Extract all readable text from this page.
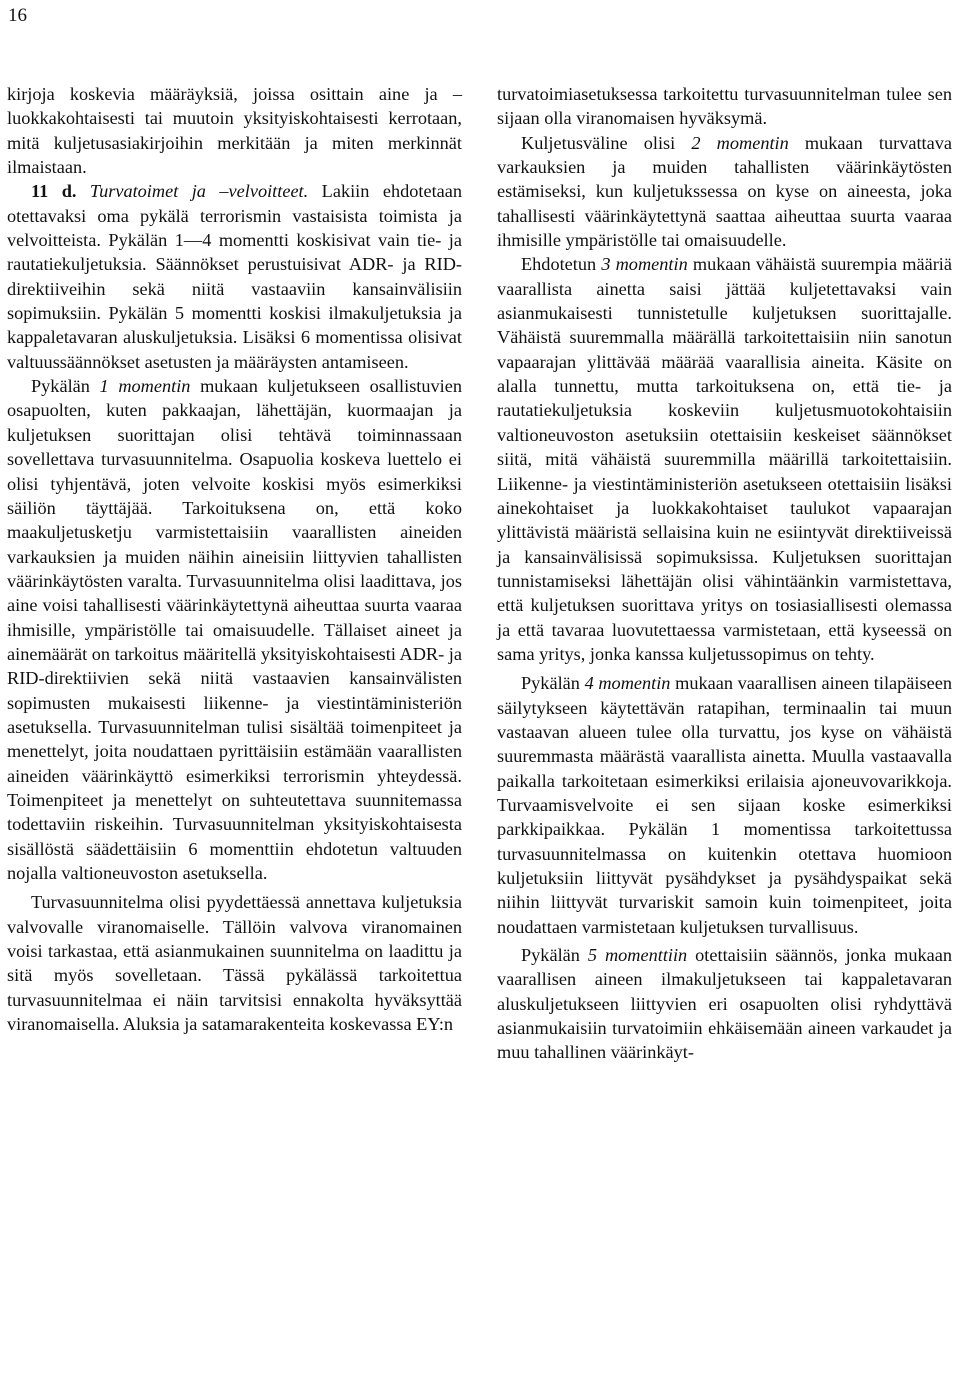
16

kirjoja koskevia määräyksiä, joissa osittain aine ja –luokkakohtaisesti tai muutoin yksityiskohtaisesti kerrotaan, mitä kuljetusasiakirjoihin merkitään ja miten merkinnät ilmaistaan.

11 d. Turvatoimet ja –velvoitteet. Lakiin ehdotetaan otettavaksi oma pykälä terrorismin vastaisista toimista ja velvoitteista. Pykälän 1—4 momentti koskisivat vain tie- ja rautatiekuljetuksia. Säännökset perustuisivat ADR- ja RID-direktiiveihin sekä niitä vastaaviin kansainvälisiin sopimuksiin. Pykälän 5 momentti koskisi ilmakuljetuksia ja kappaletavaran aluskuljetuksia. Lisäksi 6 momentissa olisivat valtuussäännökset asetusten ja määräysten antamiseen.

Pykälän 1 momentin mukaan kuljetukseen osallistuvien osapuolten, kuten pakkaajan, lähettäjän, kuormaajan ja kuljetuksen suorittajan olisi tehtävä toiminnassaan sovellettava turvasuunnitelma. Osapuolia koskeva luettelo ei olisi tyhjentävä, joten velvoite koskisi myös esimerkiksi säiliön täyttäjää. Tarkoituksena on, että koko maakuljetusketju varmistettaisiin vaarallisten aineiden varkauksien ja muiden näihin aineisiin liittyvien tahallisten väärinkäytösten varalta. Turvasuunnitelma olisi laadittava, jos aine voisi tahallisesti väärinkäytettynä aiheuttaa suurta vaaraa ihmisille, ympäristölle tai omaisuudelle. Tällaiset aineet ja ainemäärät on tarkoitus määritellä yksityiskohtaisesti ADR- ja RID-direktiivien sekä niitä vastaavien kansainvälisten sopimusten mukaisesti liikenne- ja viestintäministeriön asetuksella. Turvasuunnitelman tulisi sisältää toimenpiteet ja menettelyt, joita noudattaen pyrittäisiin estämään vaarallisten aineiden väärinkäyttö esimerkiksi terrorismin yhteydessä. Toimenpiteet ja menettelyt on suhteutettava suunnitemassa todettaviin riskeihin. Turvasuunnitelman yksityiskohtaisesta sisällöstä säädettäisiin 6 momenttiin ehdotetun valtuuden nojalla valtioneuvoston asetuksella.

Turvasuunnitelma olisi pyydettäessä annettava kuljetuksia valvovalle viranomaiselle. Tällöin valvova viranomainen voisi tarkastaa, että asianmukainen suunnitelma on laadittu ja sitä myös sovelletaan. Tässä pykälässä tarkoitettua turvasuunnitelmaa ei näin tarvitsisi ennakolta hyväksyttää viranomaisella. Aluksia ja satamarakenteita koskevassa EY:n

turvatoimiasetuksessa tarkoitettu turvasuunnitelman tulee sen sijaan olla viranomaisen hyväksymä.

Kuljetusväline olisi 2 momentin mukaan turvattava varkauksien ja muiden tahallisten väärinkäytösten estämiseksi, kun kuljetukssessa on kyse on aineesta, joka tahallisesti väärinkäytettynä saattaa aiheuttaa suurta vaaraa ihmisille ympäristölle tai omaisuudelle.

Ehdotetun 3 momentin mukaan vähäistä suurempia määriä vaarallista ainetta saisi jättää kuljetettavaksi vain asianmukaisesti tunnistetulle kuljetuksen suorittajalle. Vähäistä suuremmalla määrällä tarkoitettaisiin niin sanotun vapaarajan ylittävää määrää vaarallisia aineita. Käsite on alalla tunnettu, mutta tarkoituksena on, että tie- ja rautatiekuljetuksia koskeviin kuljetusmuotokohtaisiin valtioneuvoston asetuksiin otettaisiin keskeiset säännökset siitä, mitä vähäistä suuremmilla määrillä tarkoitettaisiin. Liikenne- ja viestintäministeriön asetukseen otettaisiin lisäksi ainekohtaiset ja luokkakohtaiset taulukot vapaarajan ylittävistä määristä sellaisina kuin ne esiintyvät direktiiveissä ja kansainvälisissä sopimuksissa. Kuljetuksen suorittajan tunnistamiseksi lähettäjän olisi vähintäänkin varmistettava, että kuljetuksen suorittava yritys on tosiasiallisesti olemassa ja että tavaraa luovutettaessa varmistetaan, että kyseessä on sama yritys, jonka kanssa kuljetussopimus on tehty.

Pykälän 4 momentin mukaan vaarallisen aineen tilapäiseen säilytykseen käytettävän ratapihan, terminaalin tai muun vastaavan alueen tulee olla turvattu, jos kyse on vähäistä suuremmasta määrästä vaarallista ainetta. Muulla vastaavalla paikalla tarkoitetaan esimerkiksi erilaisia ajoneuvovarikkoja. Turvaamisvelvoite ei sen sijaan koske esimerkiksi parkkipaikkaa. Pykälän 1 momentissa tarkoitettussa turvasuunnitelmassa on kuitenkin otettava huomioon kuljetuksiin liittyvät pysähdykset ja pysähdyspaikat sekä niihin liittyvät turvariskit samoin kuin toimenpiteet, joita noudattaen varmistetaan kuljetuksen turvallisuus.

Pykälän 5 momenttiin otettaisiin säännös, jonka mukaan vaarallisen aineen ilmakuljetukseen tai kappaletavaran aluskuljetukseen liittyvien eri osapuolten olisi ryhdyttävä asianmukaisiin turvatoimiin ehkäisemään aineen varkaudet ja muu tahallinen väärinkäyt-
